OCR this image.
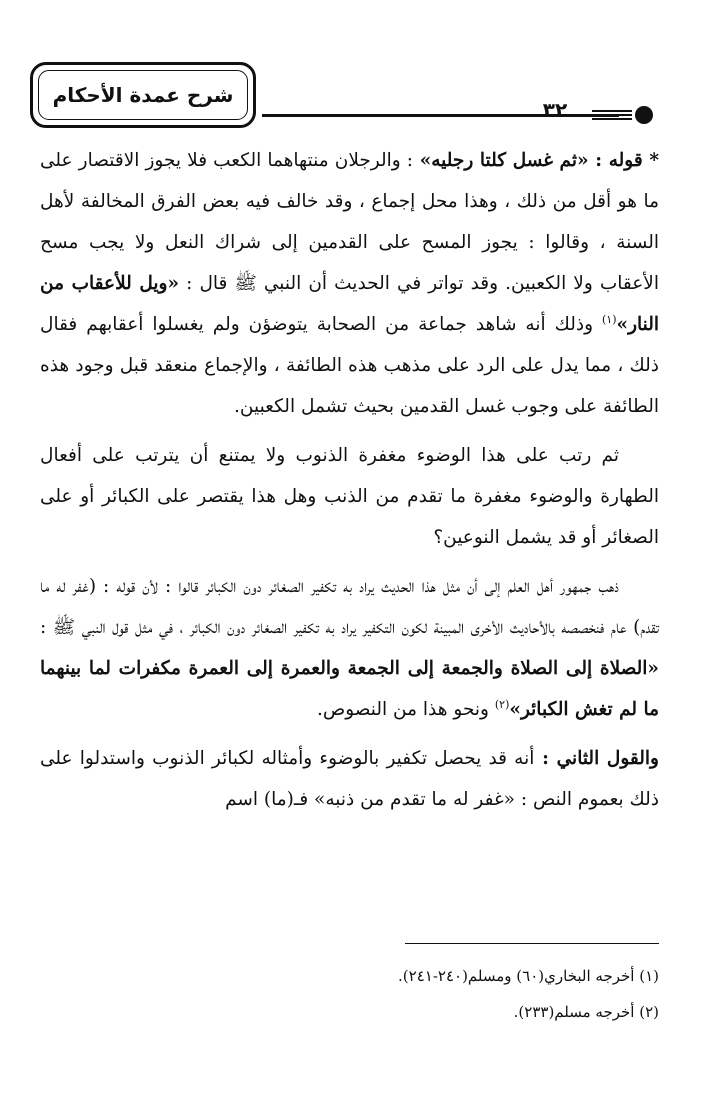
شرح عمدة الأحكام
٣٢

* قوله : «ثم غسل كلتا رجليه» : والرجلان منتهاهما الكعب فلا يجوز الاقتصار على ما هو أقل من ذلك ، وهذا محل إجماع ، وقد خالف فيه بعض الفرق المخالفة لأهل السنة ، وقالوا : يجوز المسح على القدمين إلى شراك النعل ولا يجب مسح الأعقاب ولا الكعبين. وقد تواتر في الحديث أن النبي ﷺ قال : «ويل للأعقاب من النار»$^{(١)}$ وذلك أنه شاهد جماعة من الصحابة يتوضؤن ولم يغسلوا أعقابهم فقال ذلك ، مما يدل على الرد على مذهب هذه الطائفة ، والإجماع منعقد قبل وجود هذه الطائفة على وجوب غسل القدمين بحيث تشمل الكعبين.

ثم رتب على هذا الوضوء مغفرة الذنوب ولا يمتنع أن يترتب على أفعال الطهارة والوضوء مغفرة ما تقدم من الذنب وهل هذا يقتصر على الكبائر أو على الصغائر أو قد يشمل النوعين؟

ذهب جمهور أهل العلم إلى أن مثل هذا الحديث يراد به تكفير الصغائر دون الكبائر قالوا : لأن قوله : (غفر له ما تقدم) عام فنخصصه بالأحاديث الأخرى المبينة لكون التكفير يراد به تكفير الصغائر دون الكبائر ، في مثل قول النبي ﷺ : «الصلاة إلى الصلاة والجمعة إلى الجمعة والعمرة إلى العمرة مكفرات لما بينهما ما لم تغش الكبائر»$^{(٢)}$ ونحو هذا من النصوص.

والقول الثاني : أنه قد يحصل تكفير بالوضوء وأمثاله لكبائر الذنوب واستدلوا على ذلك بعموم النص : «غفر له ما تقدم من ذنبه» فـ(ما) اسم

(١) أخرجه البخاري(٦٠) ومسلم(٢٤٠-٢٤١).

(٢) أخرجه مسلم(٢٣٣).
